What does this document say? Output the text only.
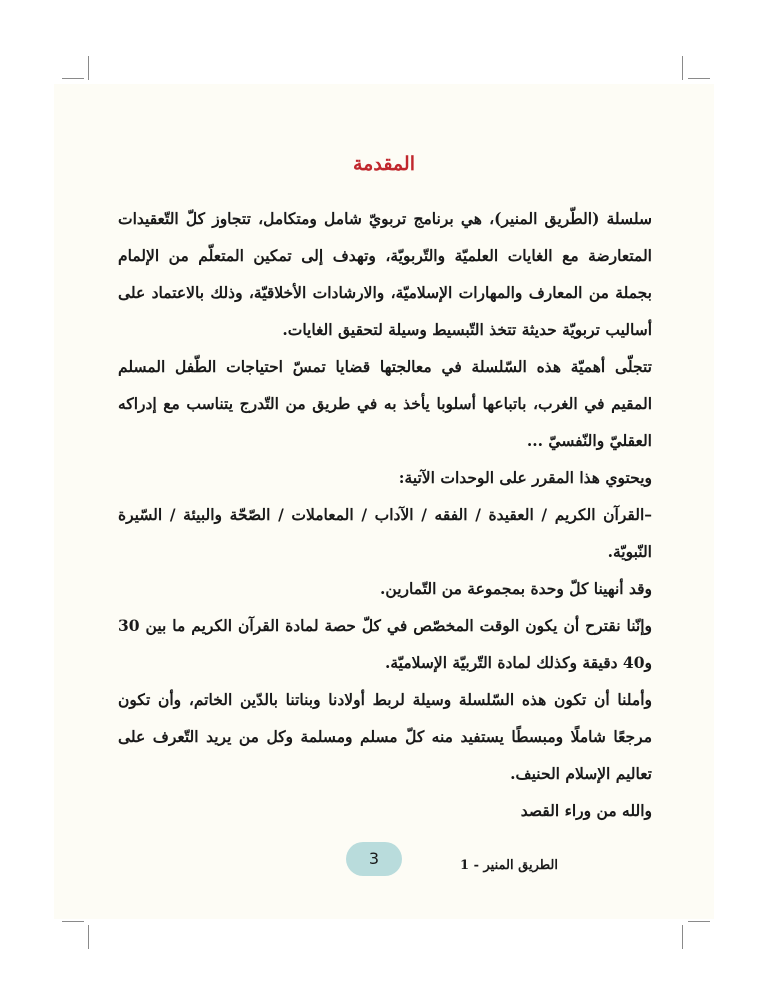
المقدمة

سلسلة (الطّريق المنير)، هي برنامج تربويّ شامل ومتكامل، تتجاوز كلّ التّعقيدات المتعارضة مع الغايات العلميّة والتّربويّة، وتهدف إلى تمكين المتعلّم من الإلمام بجملة من المعارف والمهارات الإسلاميّة، والارشادات الأخلاقيّة، وذلك بالاعتماد على أساليب تربويّة حديثة تتخذ التّبسيط وسيلة لتحقيق الغايات.

تتجلّى أهميّة هذه السّلسلة في معالجتها قضايا تمسّ احتياجات الطّفل المسلم المقيم في الغرب، باتباعها أسلوبا يأخذ به في طريق من التّدرج يتناسب مع إدراكه العقليّ والنّفسيّ ...

ويحتوي هذا المقرر على الوحدات الآتية:

–القرآن الكريم / العقيدة / الفقه / الآداب / المعاملات / الصّحّة والبيئة / السّيرة النّبويّة.

وقد أنهينا كلّ وحدة بمجموعة من التّمارين.

وإنّنا نقترح أن يكون الوقت المخصّص في كلّ حصة لمادة القرآن الكريم ما بين 30 و40 دقيقة وكذلك لمادة التّربيّة الإسلاميّة.

وأملنا أن تكون هذه السّلسلة وسيلة لربط أولادنا وبناتنا بالدّين الخاتم، وأن تكون مرجعًا شاملًا ومبسطًا يستفيد منه كلّ مسلم ومسلمة وكل من يريد التّعرف على تعاليم الإسلام الحنيف.

والله من وراء القصد

3	الطريق المنير - 1
